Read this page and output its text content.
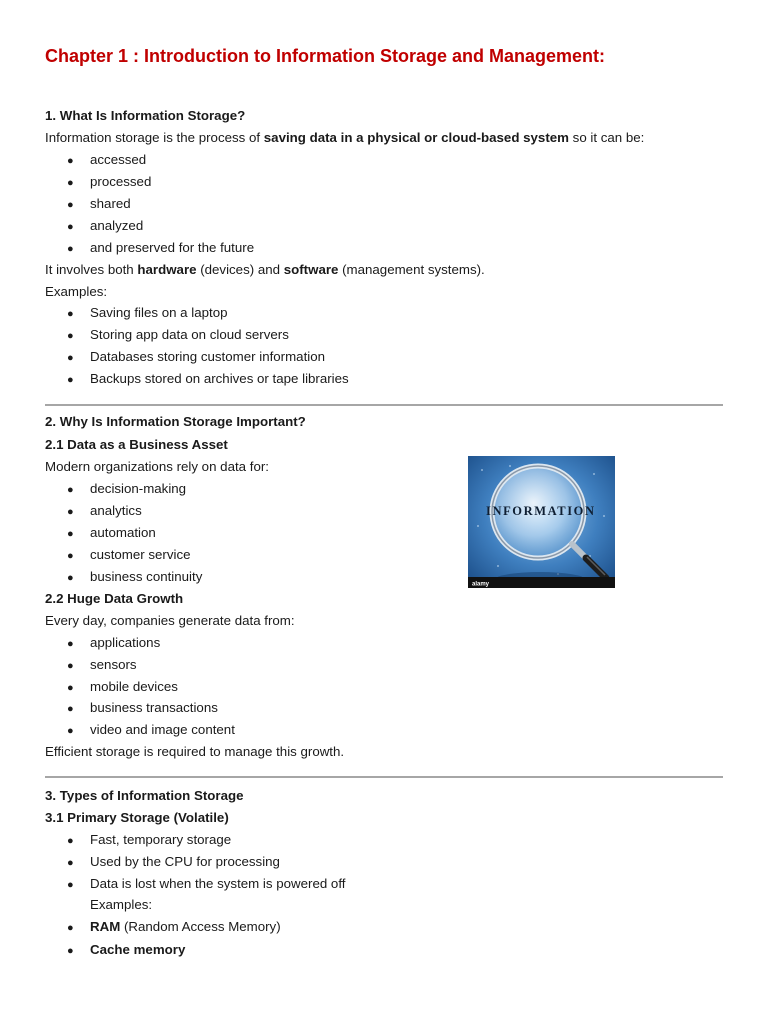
Chapter 1 : Introduction to Information Storage and Management:
1. What Is Information Storage?
Information storage is the process of saving data in a physical or cloud-based system so it can be:
● accessed
● processed
● shared
● analyzed
● and preserved for the future
It involves both hardware (devices) and software (management systems).
Examples:
● Saving files on a laptop
● Storing app data on cloud servers
● Databases storing customer information
● Backups stored on archives or tape libraries
2. Why Is Information Storage Important?
2.1 Data as a Business Asset
Modern organizations rely on data for:
● decision-making
● analytics
● automation
● customer service
● business continuity
2.2 Huge Data Growth
Every day, companies generate data from:
● applications
● sensors
● mobile devices
● business transactions
● video and image content
Efficient storage is required to manage this growth.
INFORMATION
alamy
3. Types of Information Storage
3.1 Primary Storage (Volatile)
● Fast, temporary storage
● Used by the CPU for processing
● Data is lost when the system is powered off
Examples:
● RAM (Random Access Memory)
● Cache memory
